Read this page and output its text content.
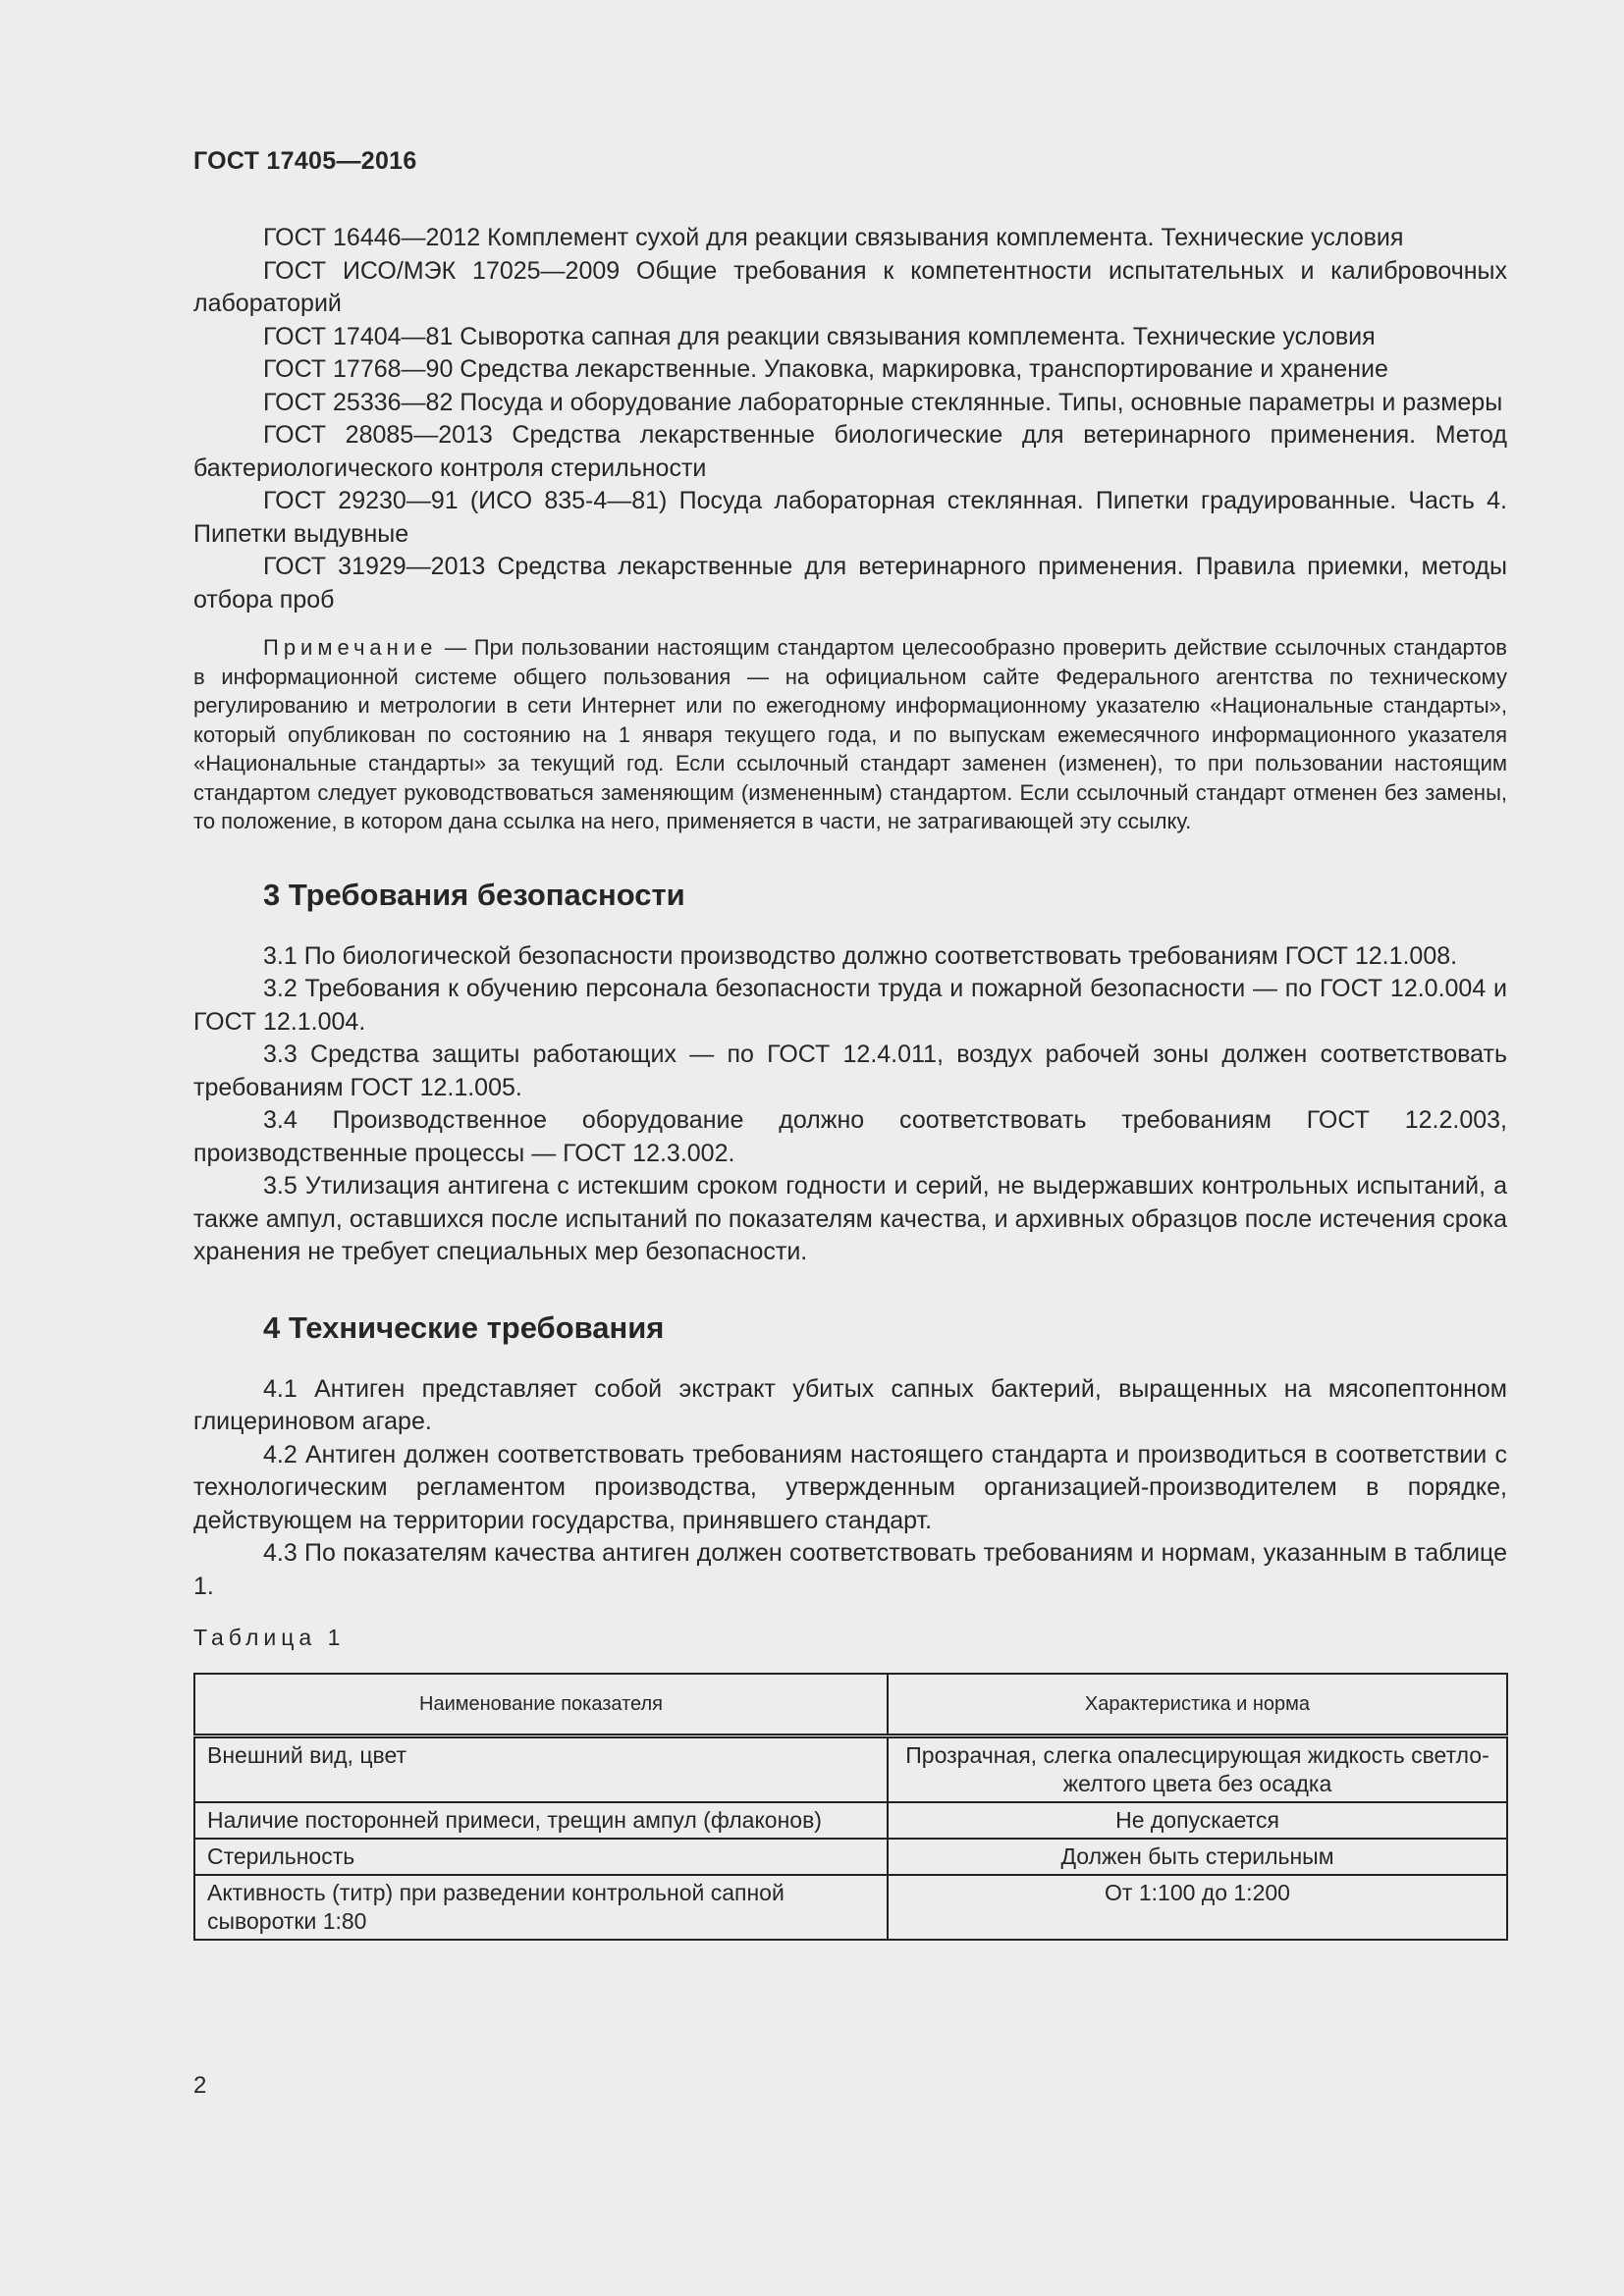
ГОСТ 17405—2016

ГОСТ 16446—2012 Комплемент сухой для реакции связывания комплемента. Технические условия

ГОСТ ИСО/МЭК 17025—2009 Общие требования к компетентности испытательных и калибровочных лабораторий

ГОСТ 17404—81 Сыворотка сапная для реакции связывания комплемента. Технические условия

ГОСТ 17768—90 Средства лекарственные. Упаковка, маркировка, транспортирование и хранение

ГОСТ 25336—82 Посуда и оборудование лабораторные стеклянные. Типы, основные параметры и размеры

ГОСТ 28085—2013 Средства лекарственные биологические для ветеринарного применения. Метод бактериологического контроля стерильности

ГОСТ 29230—91 (ИСО 835-4—81) Посуда лабораторная стеклянная. Пипетки градуированные. Часть 4. Пипетки выдувные

ГОСТ 31929—2013 Средства лекарственные для ветеринарного применения. Правила приемки, методы отбора проб

Примечание — При пользовании настоящим стандартом целесообразно проверить действие ссылочных стандартов в информационной системе общего пользования — на официальном сайте Федерального агентства по техническому регулированию и метрологии в сети Интернет или по ежегодному информационному указателю «Национальные стандарты», который опубликован по состоянию на 1 января текущего года, и по выпускам ежемесячного информационного указателя «Национальные стандарты» за текущий год. Если ссылочный стандарт заменен (изменен), то при пользовании настоящим стандартом следует руководствоваться заменяющим (измененным) стандартом. Если ссылочный стандарт отменен без замены, то положение, в котором дана ссылка на него, применяется в части, не затрагивающей эту ссылку.
3 Требования безопасности

3.1 По биологической безопасности производство должно соответствовать требованиям ГОСТ 12.1.008.

3.2 Требования к обучению персонала безопасности труда и пожарной безопасности — по ГОСТ 12.0.004 и ГОСТ 12.1.004.

3.3 Средства защиты работающих — по ГОСТ 12.4.011, воздух рабочей зоны должен соответствовать требованиям ГОСТ 12.1.005.

3.4 Производственное оборудование должно соответствовать требованиям ГОСТ 12.2.003, производственные процессы — ГОСТ 12.3.002.

3.5 Утилизация антигена с истекшим сроком годности и серий, не выдержавших контрольных испытаний, а также ампул, оставшихся после испытаний по показателям качества, и архивных образцов после истечения срока хранения не требует специальных мер безопасности.

4 Технические требования

4.1 Антиген представляет собой экстракт убитых сапных бактерий, выращенных на мясопептонном глицериновом агаре.

4.2 Антиген должен соответствовать требованиям настоящего стандарта и производиться в соответствии с технологическим регламентом производства, утвержденным организацией-производителем в порядке, действующем на территории государства, принявшего стандарт.

4.3 По показателям качества антиген должен соответствовать требованиям и нормам, указанным в таблице 1.

Таблица 1
Наименование показателя	Характеристика и норма
Внешний вид, цвет	Прозрачная, слегка опалесцирующая жидкость светло-желтого цвета без осадка
Наличие посторонней примеси, трещин ампул (флаконов)	Не допускается
Стерильность	Должен быть стерильным
Активность (титр) при разведении контрольной сапной сыворотки 1:80	От 1:100 до 1:200
2
